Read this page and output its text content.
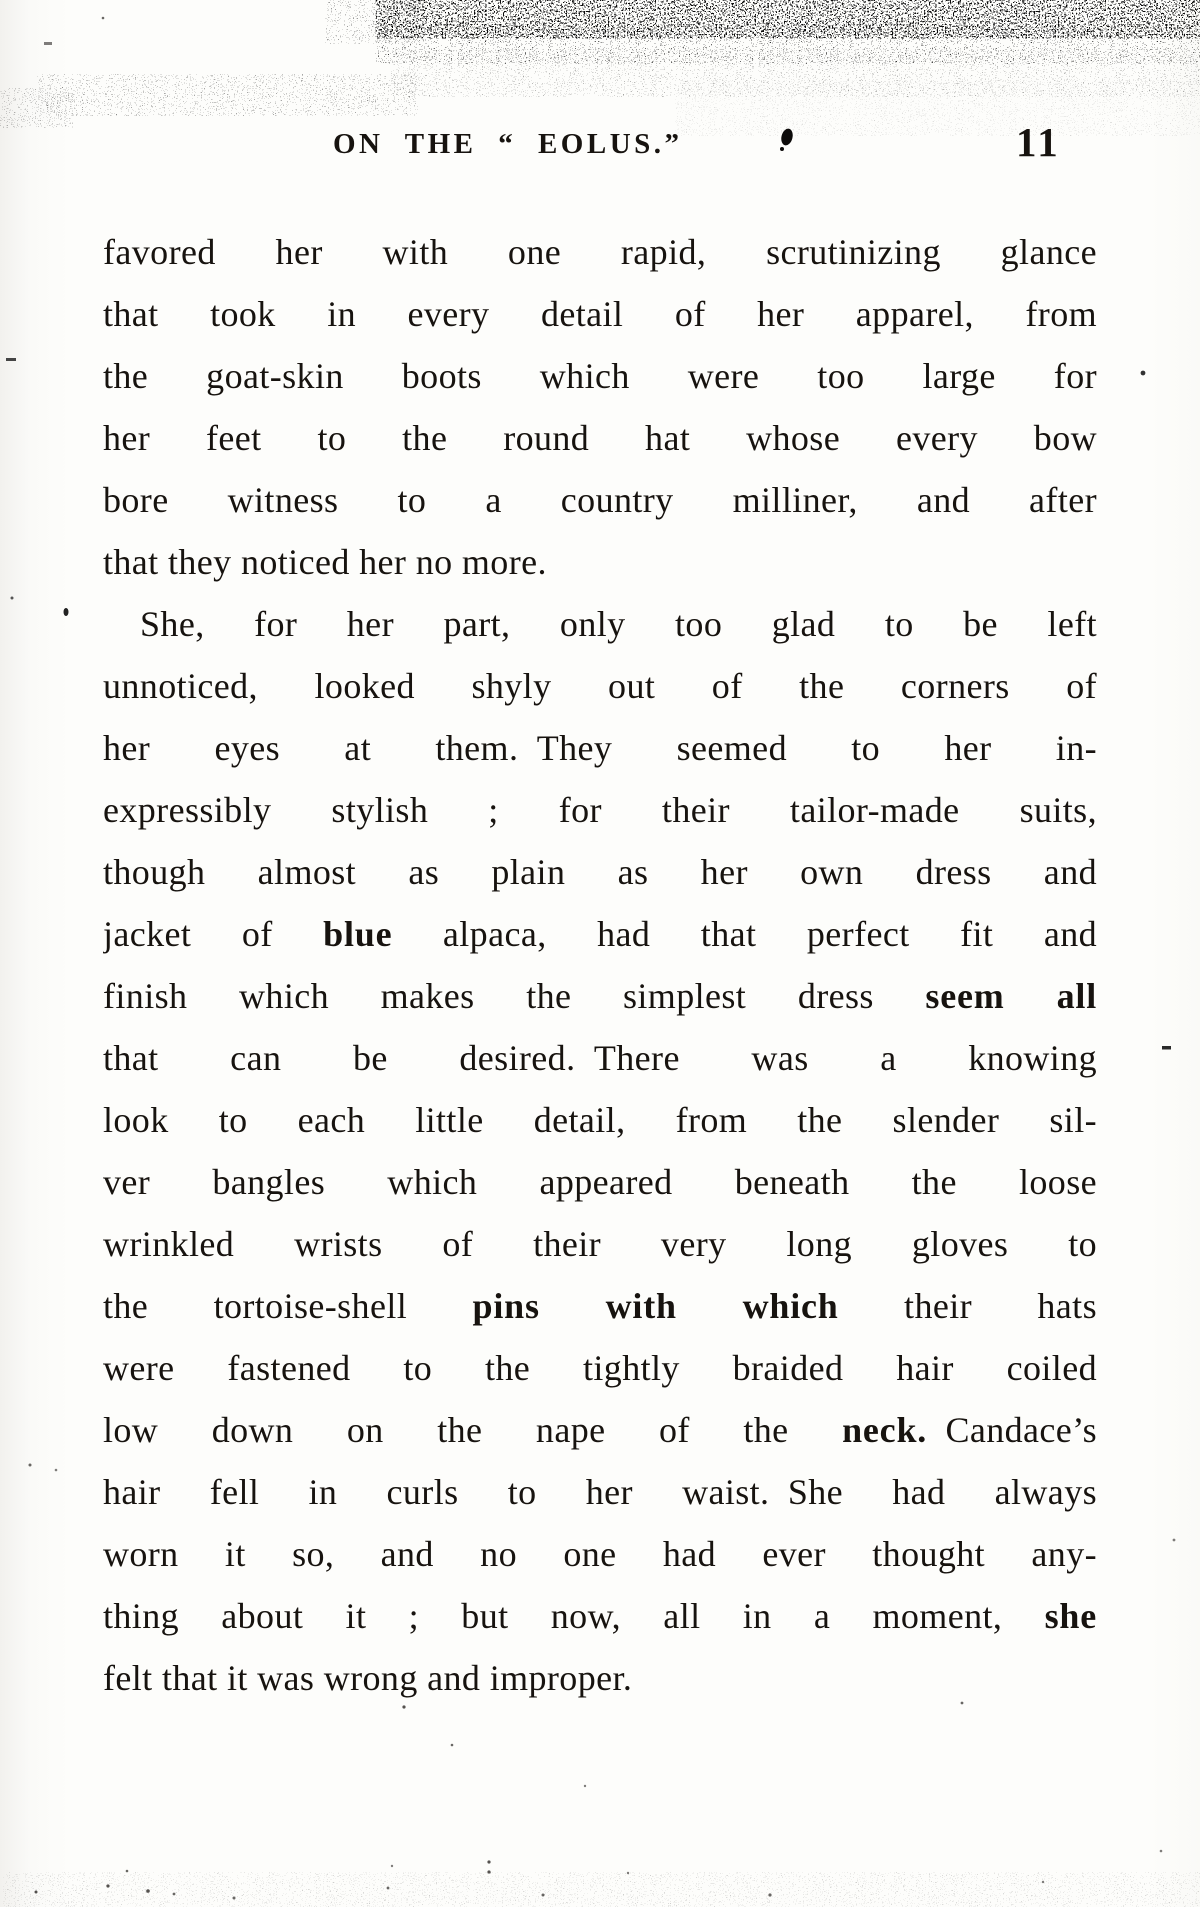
ON THE “ EOLUS.”	11
favored her with one rapid, scrutinizing glance
that took in every detail of her apparel, from
the goat-skin boots which were too large for
her feet to the round hat whose every bow
bore witness to a country milliner, and after
that they noticed her no more.
She, for her part, only too glad to be left
unnoticed, looked shyly out of the corners of
her eyes at them. They seemed to her in-
expressibly stylish ; for their tailor-made suits,
though almost as plain as her own dress and
jacket of blue alpaca, had that perfect fit and
finish which makes the simplest dress seem all
that can be desired. There was a knowing
look to each little detail, from the slender sil-
ver bangles which appeared beneath the loose
wrinkled wrists of their very long gloves to
the tortoise-shell pins with which their hats
were fastened to the tightly braided hair coiled
low down on the nape of the neck. Candace’s
hair fell in curls to her waist. She had always
worn it so, and no one had ever thought any-
thing about it ; but now, all in a moment, she
felt that it was wrong and improper.
